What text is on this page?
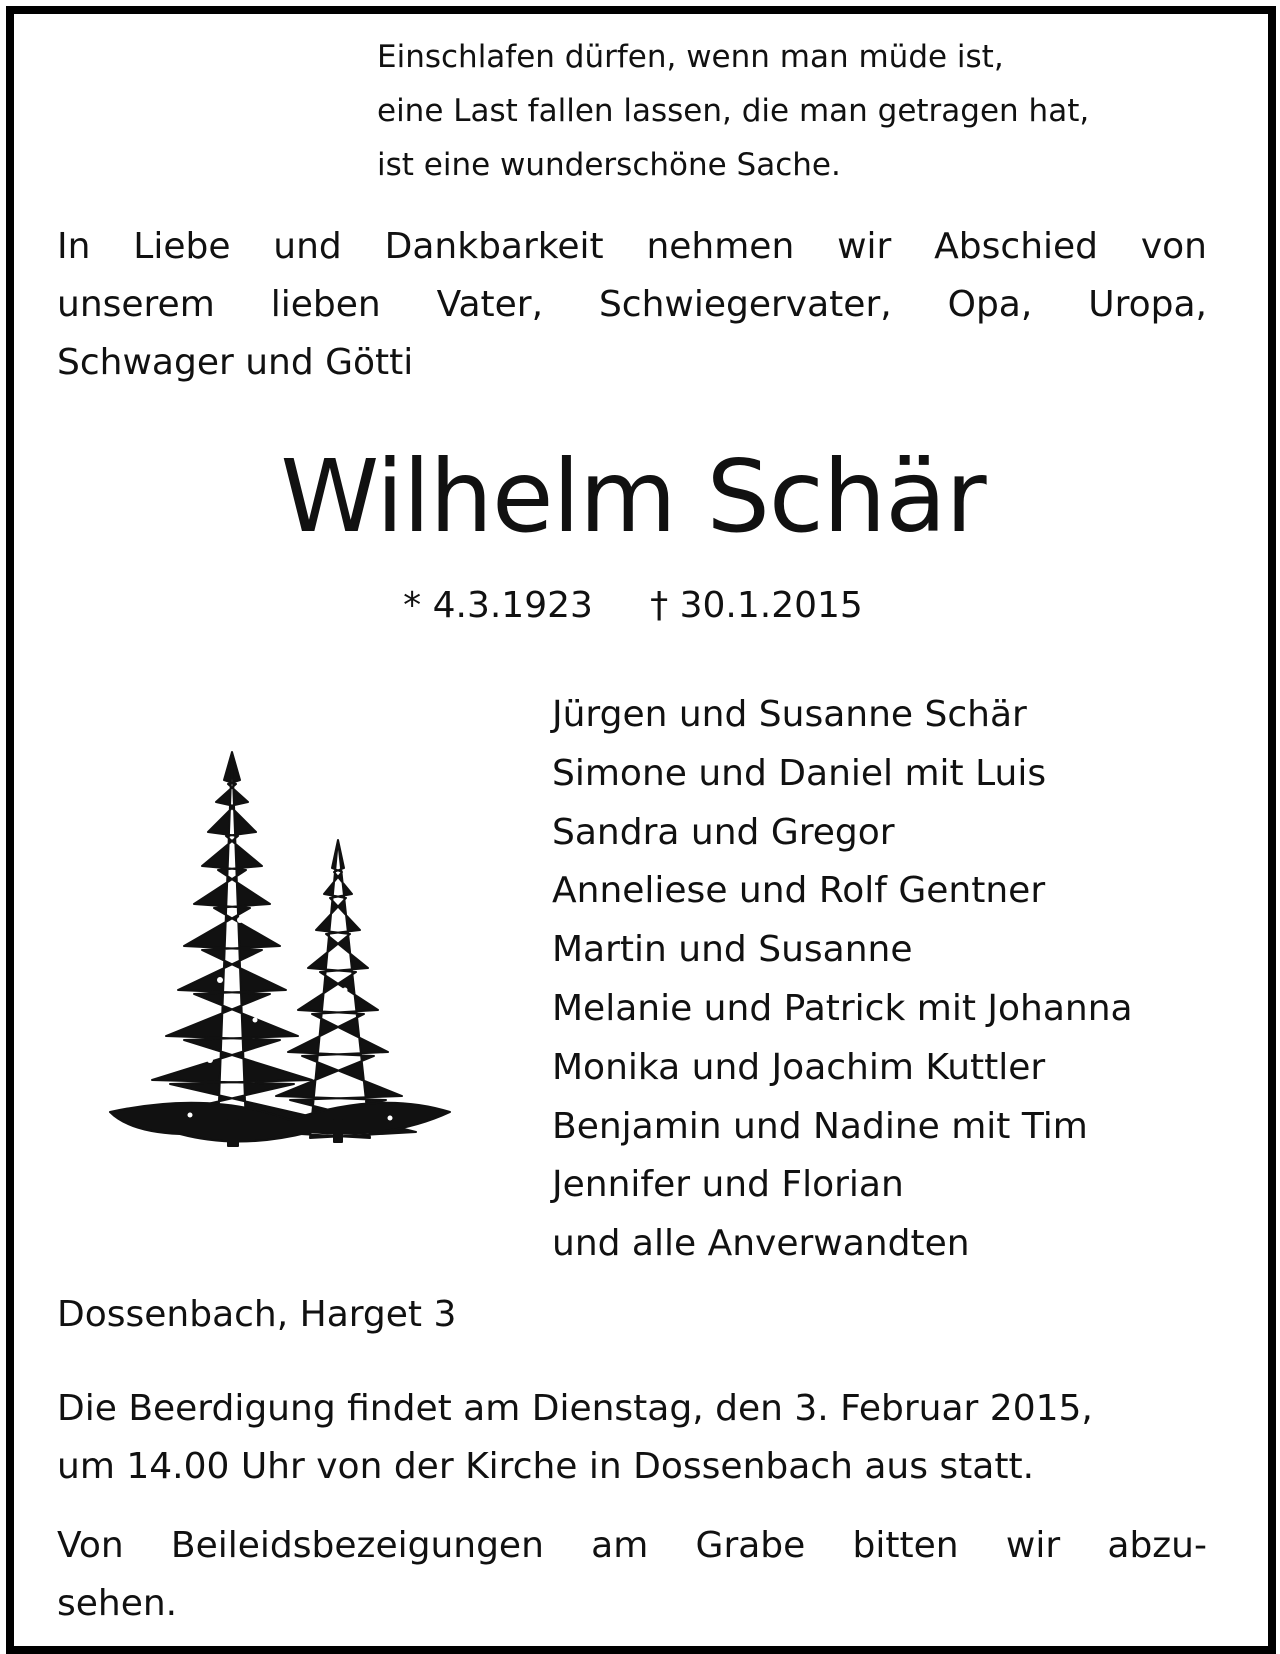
Einschlafen dürfen, wenn man müde ist,
eine Last fallen lassen, die man getragen hat,
ist eine wunderschöne Sache.
In Liebe und Dankbarkeit nehmen wir Abschied von
unserem lieben Vater, Schwiegervater, Opa, Uropa,
Schwager und Götti
Wilhelm Schär
* 4.3.1923     † 30.1.2015
Jürgen und Susanne Schär
Simone und Daniel mit Luis
Sandra und Gregor
Anneliese und Rolf Gentner
Martin und Susanne
Melanie und Patrick mit Johanna
Monika und Joachim Kuttler
Benjamin und Nadine mit Tim
Jennifer und Florian
und alle Anverwandten
Dossenbach, Harget 3
Die Beerdigung findet am Dienstag, den 3. Februar 2015,
um 14.00 Uhr von der Kirche in Dossenbach aus statt.
Von Beileidsbezeigungen am Grabe bitten wir abzu-
sehen.
